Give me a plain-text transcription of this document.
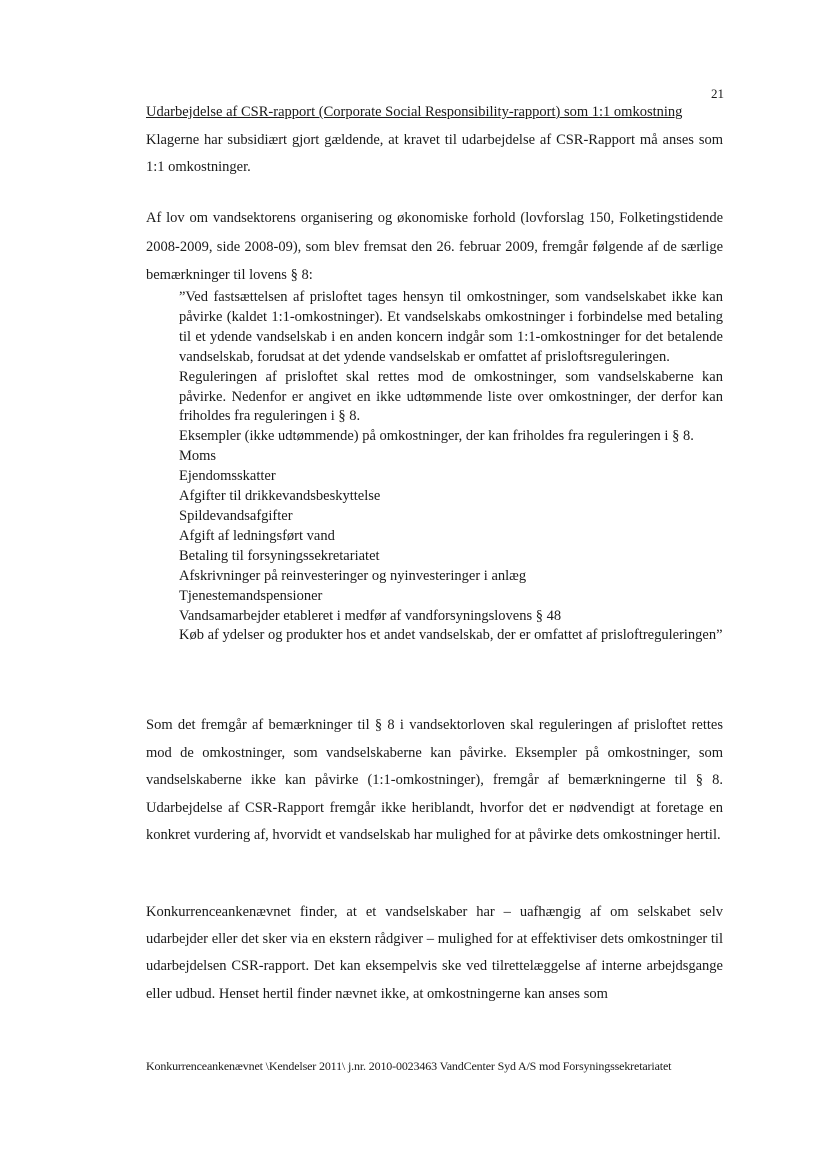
21
Udarbejdelse af CSR-rapport (Corporate Social Responsibility-rapport) som 1:1 omkostning

Klagerne har subsidiært gjort gældende, at kravet til udarbejdelse af CSR-Rapport må anses som 1:1 omkostninger.

Af lov om vandsektorens organisering og økonomiske forhold (lovforslag 150, Folketingstidende 2008-2009, side 2008-09), som blev fremsat den 26. februar 2009, fremgår følgende af de særlige bemærkninger til lovens § 8:

”Ved fastsættelsen af prisloftet tages hensyn til omkostninger, som vandselskabet ikke kan påvirke (kaldet 1:1-omkostninger). Et vandselskabs omkostninger i forbindelse med betaling til et ydende vandselskab i en anden koncern indgår som 1:1-omkostninger for det betalende vandselskab, forudsat at det ydende vandselskab er omfattet af prisloftsreguleringen.
Reguleringen af prisloftet skal rettes mod de omkostninger, som vandselskaberne kan påvirke. Nedenfor er angivet en ikke udtømmende liste over omkostninger, der derfor kan friholdes fra reguleringen i § 8.
Eksempler (ikke udtømmende) på omkostninger, der kan friholdes fra reguleringen i § 8.
Moms
Ejendomsskatter
Afgifter til drikkevandsbeskyttelse
Spildevandsafgifter
Afgift af ledningsført vand
Betaling til forsyningssekretariatet
Afskrivninger på reinvesteringer og nyinvesteringer i anlæg
Tjenestemandspensioner
Vandsamarbejder etableret i medfør af vandforsyningslovens § 48
Køb af ydelser og produkter hos et andet vandselskab, der er omfattet af prisloftreguleringen”

Som det fremgår af bemærkninger til § 8 i vandsektorloven skal reguleringen af prisloftet rettes mod de omkostninger, som vandselskaberne kan påvirke. Eksempler på omkostninger, som vandselskaberne ikke kan påvirke (1:1-omkostninger), fremgår af bemærkningerne til § 8. Udarbejdelse af CSR-Rapport fremgår ikke heriblandt, hvorfor det er nødvendigt at foretage en konkret vurdering af, hvorvidt et vandselskab har mulighed for at påvirke dets omkostninger hertil.

Konkurrenceankenævnet finder, at et vandselskaber har – uafhængig af om selskabet selv udarbejder eller det sker via en ekstern rådgiver – mulighed for at effektiviser dets omkostninger til udarbejdelsen CSR-rapport. Det kan eksempelvis ske ved tilrettelæggelse af interne arbejdsgange eller udbud. Henset hertil finder nævnet ikke, at omkostningerne kan anses som

Konkurrenceankenævnet \Kendelser 2011\ j.nr. 2010-0023463 VandCenter Syd A/S mod Forsyningssekretariatet
